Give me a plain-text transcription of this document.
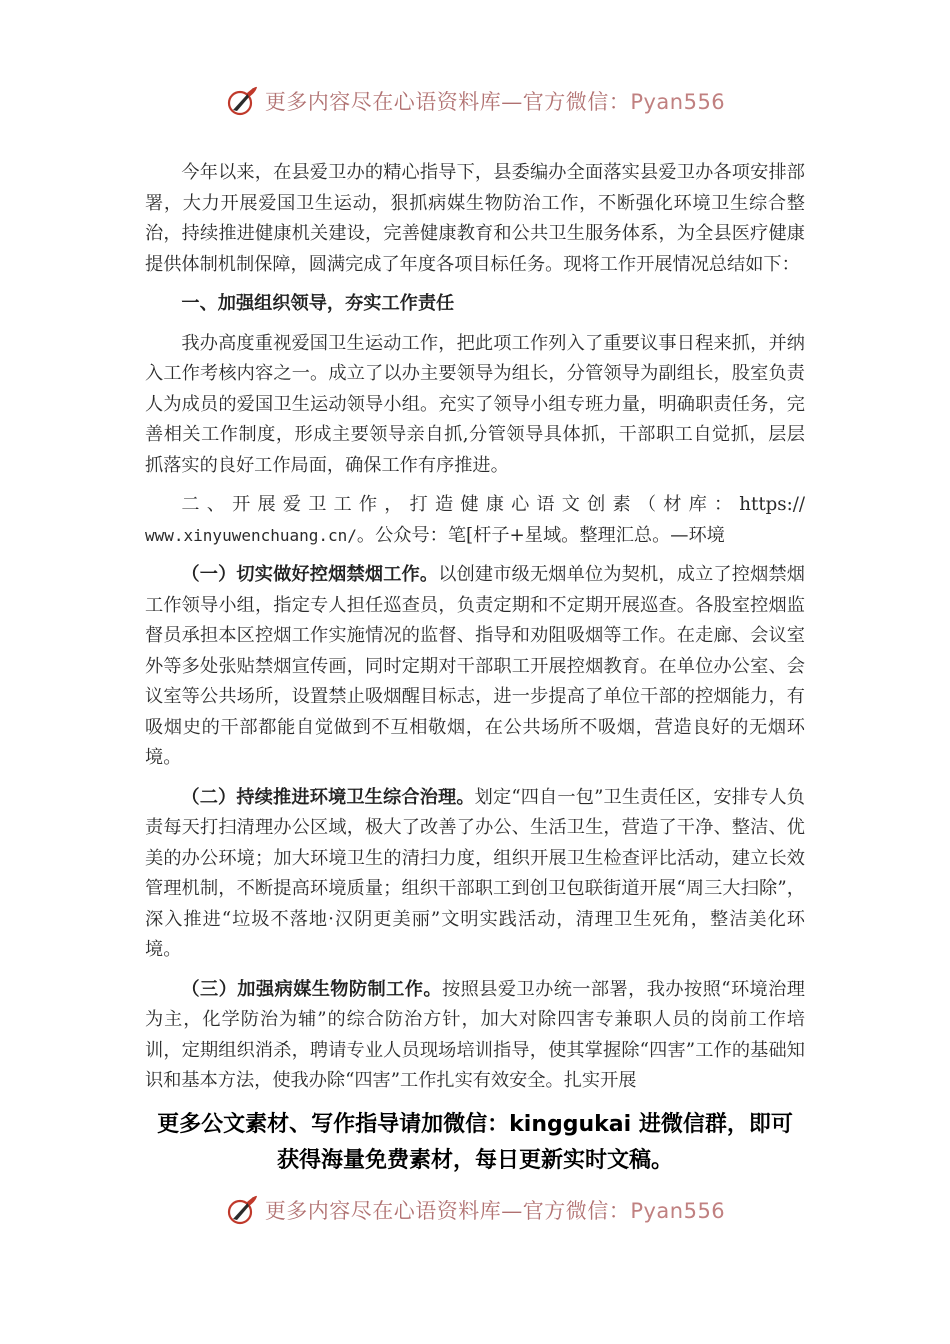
更多内容尽在心语资料库—官方微信：Pyan556

今年以来，在县爱卫办的精心指导下，县委编办全面落实县爱卫办各项安排部署，大力开展爱国卫生运动，狠抓病媒生物防治工作，不断强化环境卫生综合整治，持续推进健康机关建设，完善健康教育和公共卫生服务体系，为全县医疗健康提供体制机制保障，圆满完成了年度各项目标任务。现将工作开展情况总结如下：

一、加强组织领导，夯实工作责任

我办高度重视爱国卫生运动工作，把此项工作列入了重要议事日程来抓，并纳入工作考核内容之一。成立了以办主要领导为组长，分管领导为副组长，股室负责人为成员的爱国卫生运动领导小组。充实了领导小组专班力量，明确职责任务，完善相关工作制度，形成主要领导亲自抓,分管领导具体抓，干部职工自觉抓，层层抓落实的良好工作局面，确保工作有序推进。

二、开展爱卫工作，打造健康心语文创素（材库：https://

www.xinyuwenchuang.cn/。公众号：笔[杆子+星域。整理汇总。—环境

（一）切实做好控烟禁烟工作。以创建市级无烟单位为契机，成立了控烟禁烟工作领导小组，指定专人担任巡查员，负责定期和不定期开展巡查。各股室控烟监督员承担本区控烟工作实施情况的监督、指导和劝阻吸烟等工作。在走廊、会议室外等多处张贴禁烟宣传画，同时定期对干部职工开展控烟教育。在单位办公室、会议室等公共场所，设置禁止吸烟醒目标志，进一步提高了单位干部的控烟能力，有吸烟史的干部都能自觉做到不互相敬烟，在公共场所不吸烟，营造良好的无烟环境。

（二）持续推进环境卫生综合治理。划定“四自一包”卫生责任区，安排专人负责每天打扫清理办公区域，极大了改善了办公、生活卫生，营造了干净、整洁、优美的办公环境；加大环境卫生的清扫力度，组织开展卫生检查评比活动，建立长效管理机制，不断提高环境质量；组织干部职工到创卫包联街道开展“周三大扫除”，深入推进“垃圾不落地·汉阴更美丽”文明实践活动，清理卫生死角，整洁美化环境。

（三）加强病媒生物防制工作。按照县爱卫办统一部署，我办按照“环境治理为主，化学防治为辅”的综合防治方针，加大对除四害专兼职人员的岗前工作培训，定期组织消杀，聘请专业人员现场培训指导，使其掌握除“四害”工作的基础知识和基本方法，使我办除“四害”工作扎实有效安全。扎实开展

更多公文素材、写作指导请加微信：kinggukai 进微信群，即可
获得海量免费素材，每日更新实时文稿。
更多内容尽在心语资料库—官方微信：Pyan556
